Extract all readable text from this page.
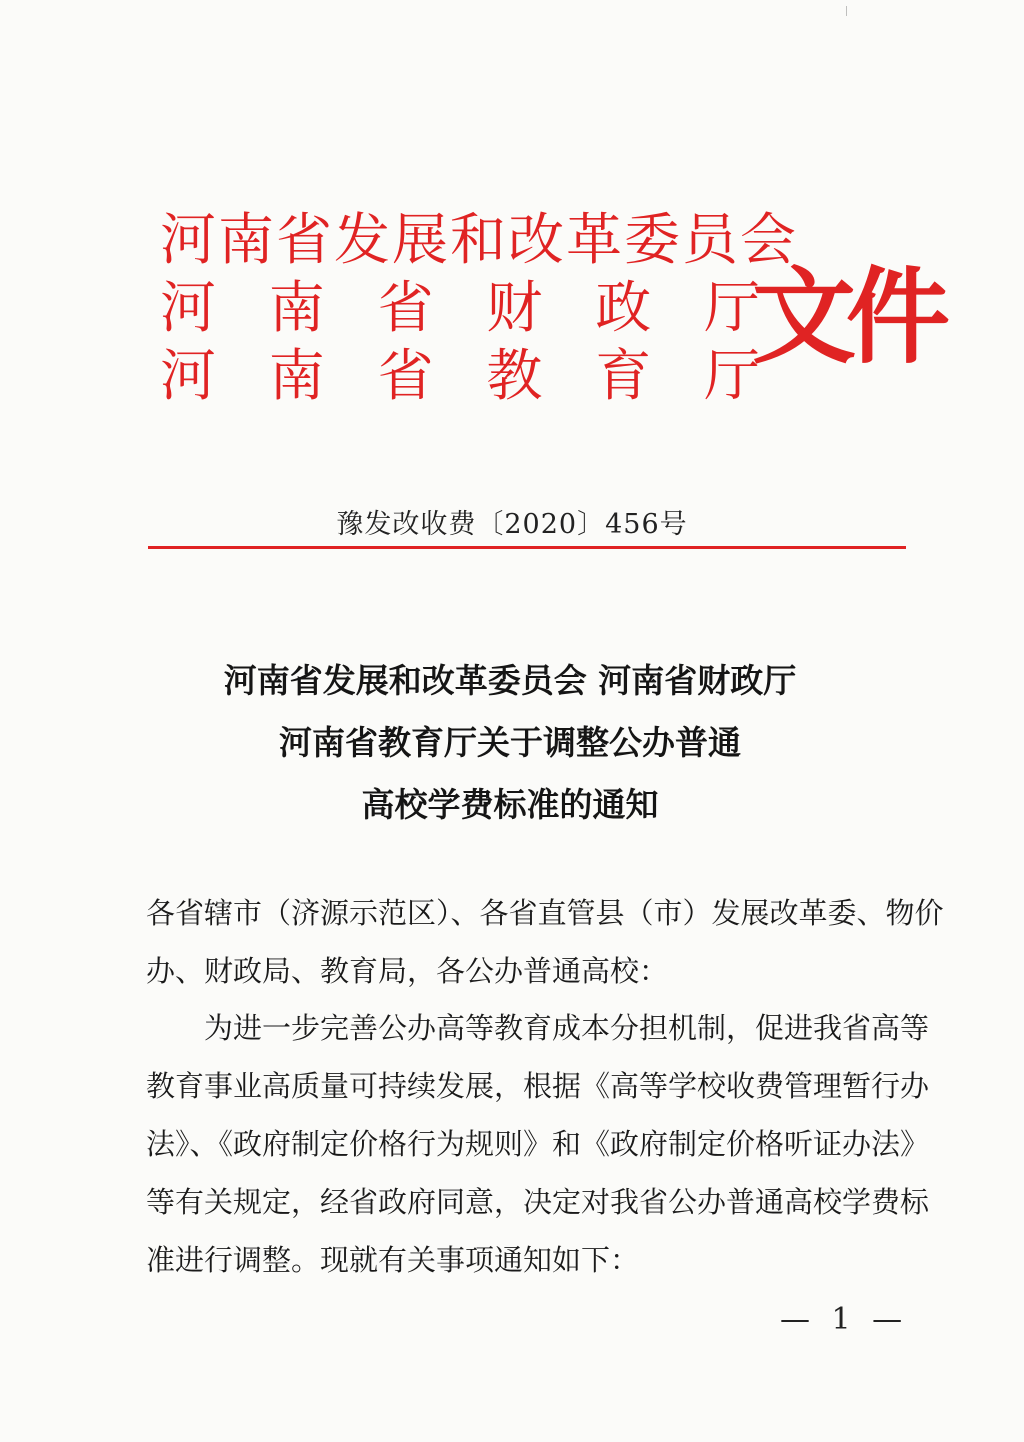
河南省发展和改革委员会
河 南 省 财 政 厅
河 南 省 教 育 厅
文件
豫发改收费〔2020〕456号
河南省发展和改革委员会 河南省财政厅
河南省教育厅关于调整公办普通
高校学费标准的通知
各省辖市（济源示范区）、各省直管县（市）发展改革委、物价
办、财政局、教育局，各公办普通高校：
为进一步完善公办高等教育成本分担机制，促进我省高等
教育事业高质量可持续发展，根据《高等学校收费管理暂行办
法》、《政府制定价格行为规则》和《政府制定价格听证办法》
等有关规定，经省政府同意，决定对我省公办普通高校学费标
准进行调整。现就有关事项通知如下：
— 1 —
